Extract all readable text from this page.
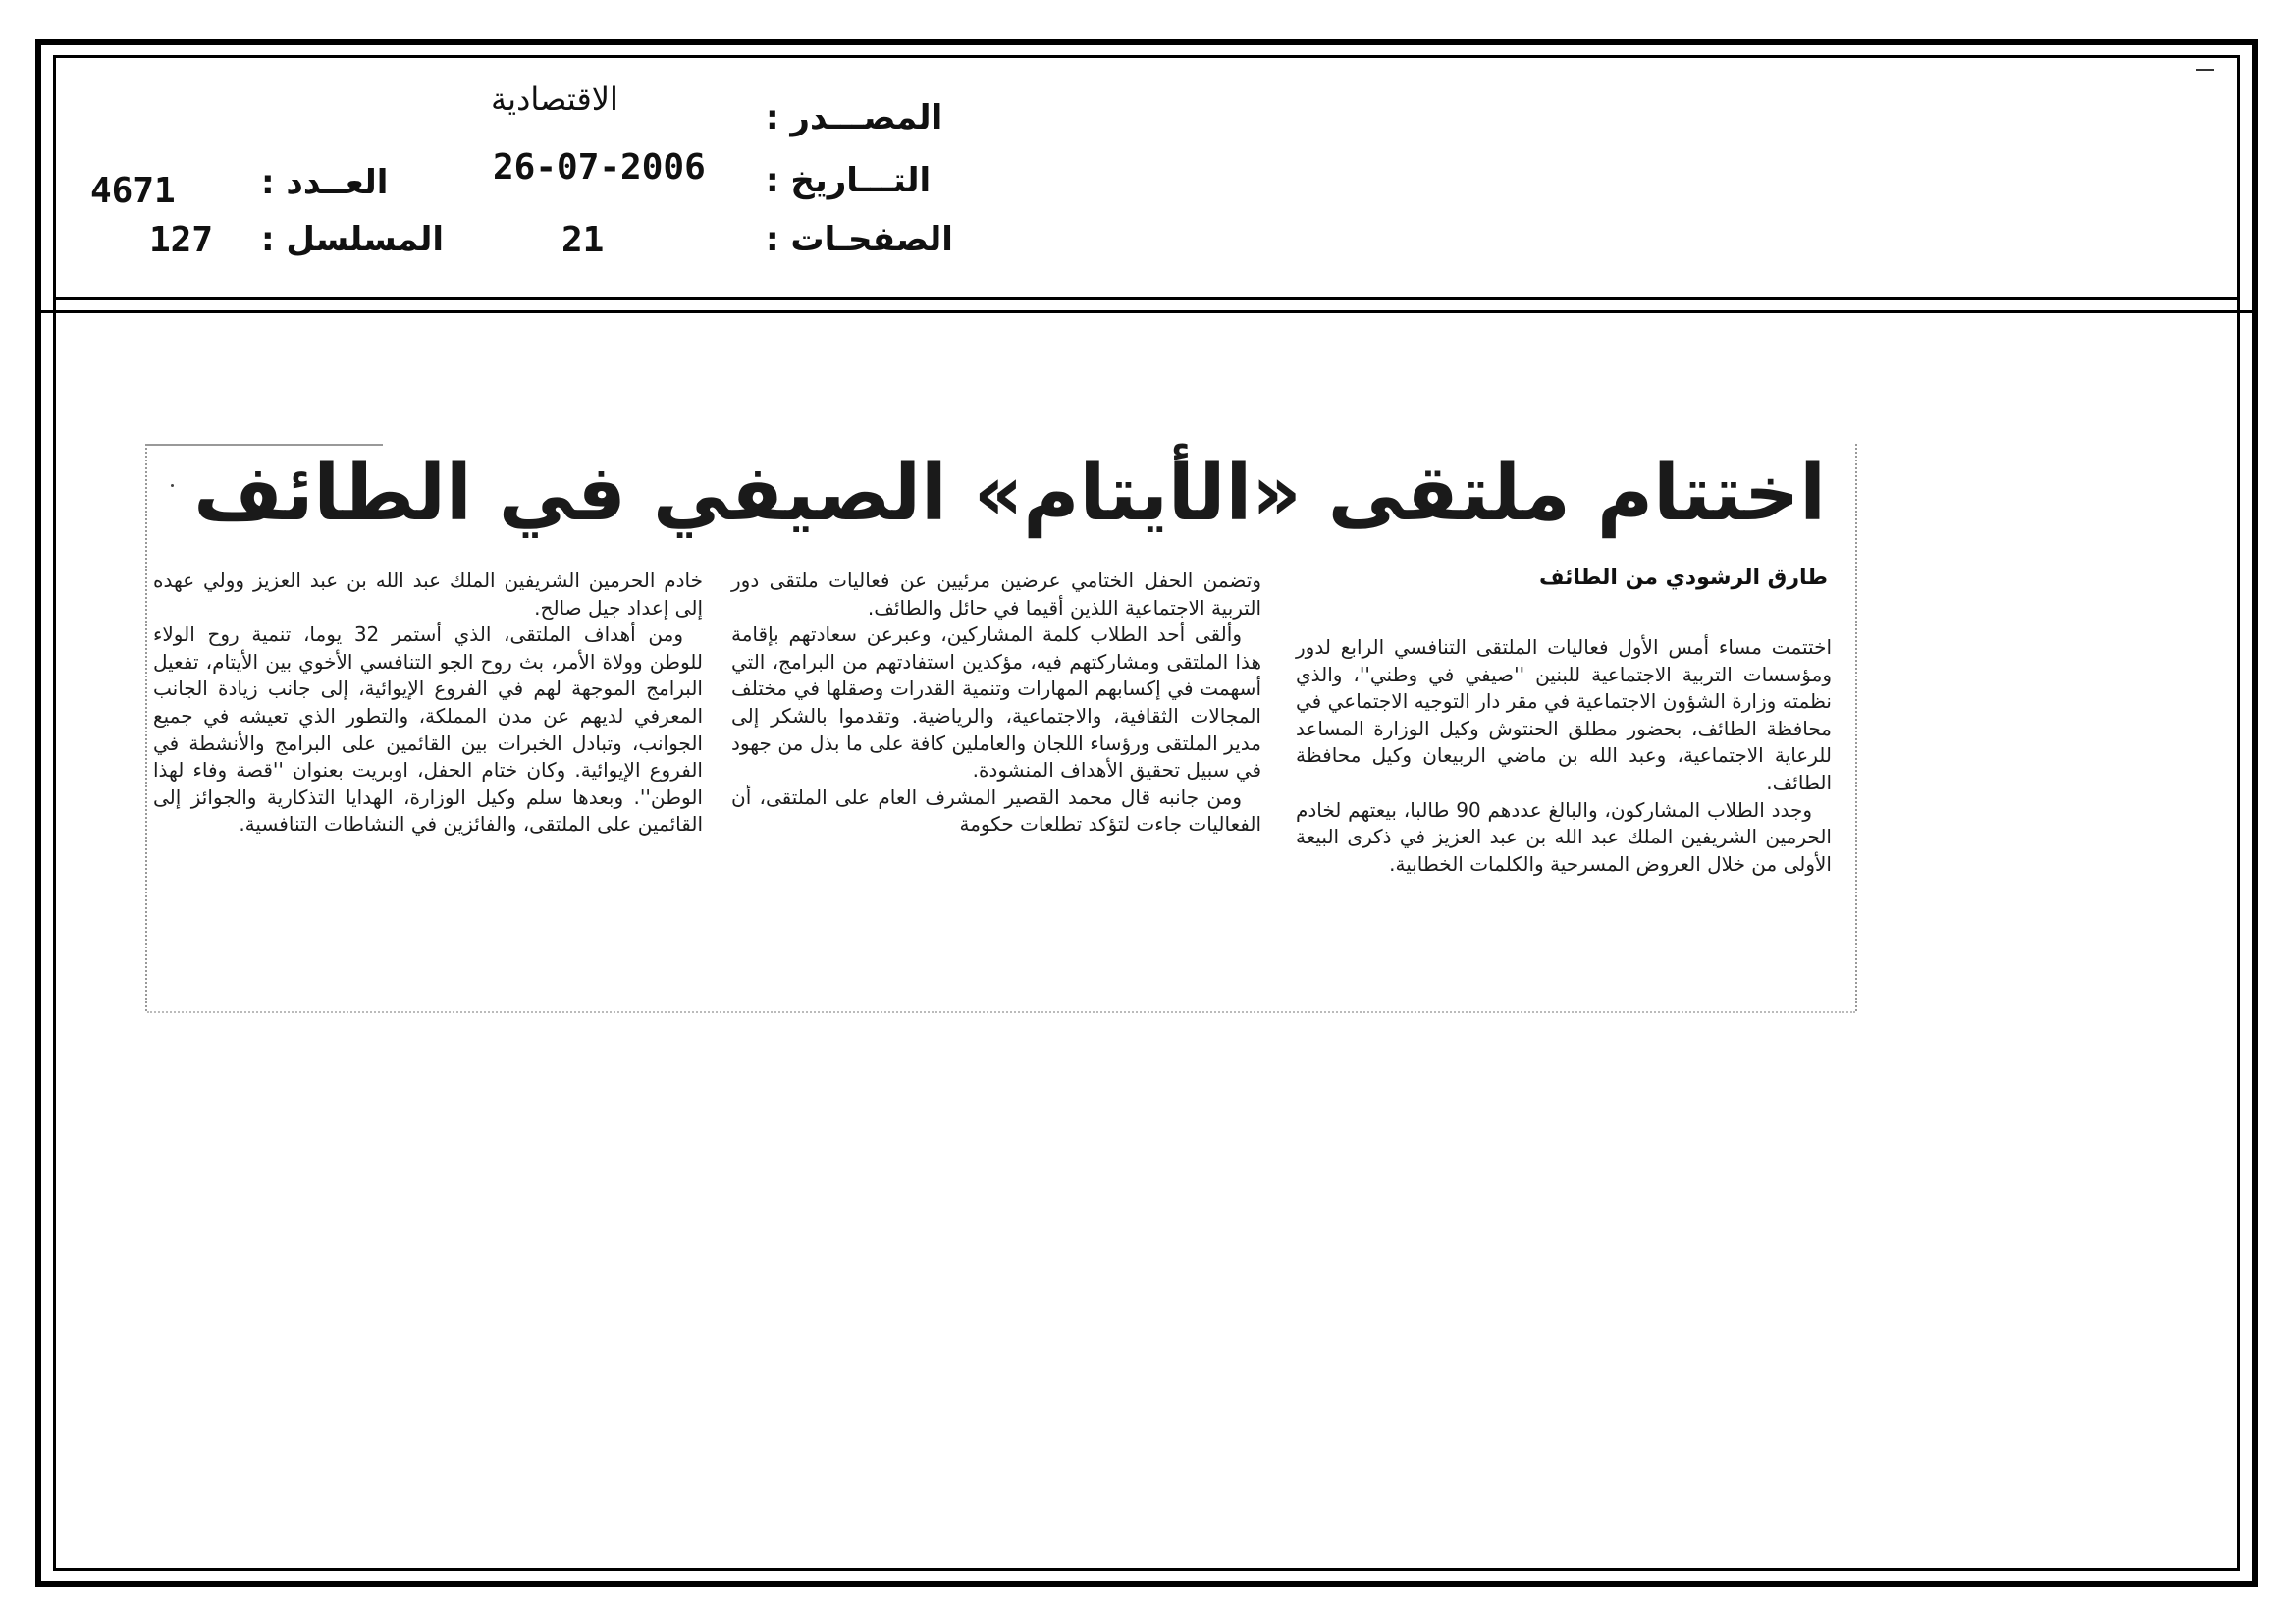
الاقتصادية	المصـــدر :
26-07-2006 التـــاريخ :
21	الصفحـات :
4671	العــدد :
127 المسلسل :
اختتام ملتقى «الأيتام» الصيفي في الطائف
طارق الرشودي من الطائف

اختتمت مساء أمس الأول فعاليات الملتقى التنافسي الرابع لدور ومؤسسات التربية الاجتماعية للبنين ''صيفي في وطني''، والذي نظمته وزارة الشؤون الاجتماعية في مقر دار التوجيه الاجتماعي في محافظة الطائف، بحضور مطلق الحنتوش وكيل الوزارة المساعد للرعاية الاجتماعية، وعبد الله بن ماضي الربيعان وكيل محافظة الطائف.

وجدد الطلاب المشاركون، والبالغ عددهم 90 طالبا، بيعتهم لخادم الحرمين الشريفين الملك عبد الله بن عبد العزيز في ذكرى البيعة الأولى من خلال العروض المسرحية والكلمات الخطابية.

وتضمن الحفل الختامي عرضين مرئيين عن فعاليات ملتقى دور التربية الاجتماعية اللذين أقيما في حائل والطائف.

وألقى أحد الطلاب كلمة المشاركين، وعبرعن سعادتهم بإقامة هذا الملتقى ومشاركتهم فيه، مؤكدين استفادتهم من البرامج، التي أسهمت في إكسابهم المهارات وتنمية القدرات وصقلها في مختلف المجالات الثقافية، والاجتماعية، والرياضية. وتقدموا بالشكر إلى مدير الملتقى ورؤساء اللجان والعاملين كافة على ما بذل من جهود في سبيل تحقيق الأهداف المنشودة.

ومن جانبه قال محمد القصير المشرف العام على الملتقى، أن الفعاليات جاءت لتؤكد تطلعات حكومة

خادم الحرمين الشريفين الملك عبد الله بن عبد العزيز وولي عهده إلى إعداد جيل صالح.

ومن أهداف الملتقى، الذي أستمر 32 يوما، تنمية روح الولاء للوطن وولاة الأمر، بث روح الجو التنافسي الأخوي بين الأيتام، تفعيل البرامج الموجهة لهم في الفروع الإيوائية، إلى جانب زيادة الجانب المعرفي لديهم عن مدن المملكة، والتطور الذي تعيشه في جميع الجوانب، وتبادل الخبرات بين القائمين على البرامج والأنشطة في الفروع الإيوائية. وكان ختام الحفل، اوبريت بعنوان ''قصة وفاء لهذا الوطن''. وبعدها سلم وكيل الوزارة، الهدايا التذكارية والجوائز إلى القائمين على الملتقى، والفائزين في النشاطات التنافسية.
